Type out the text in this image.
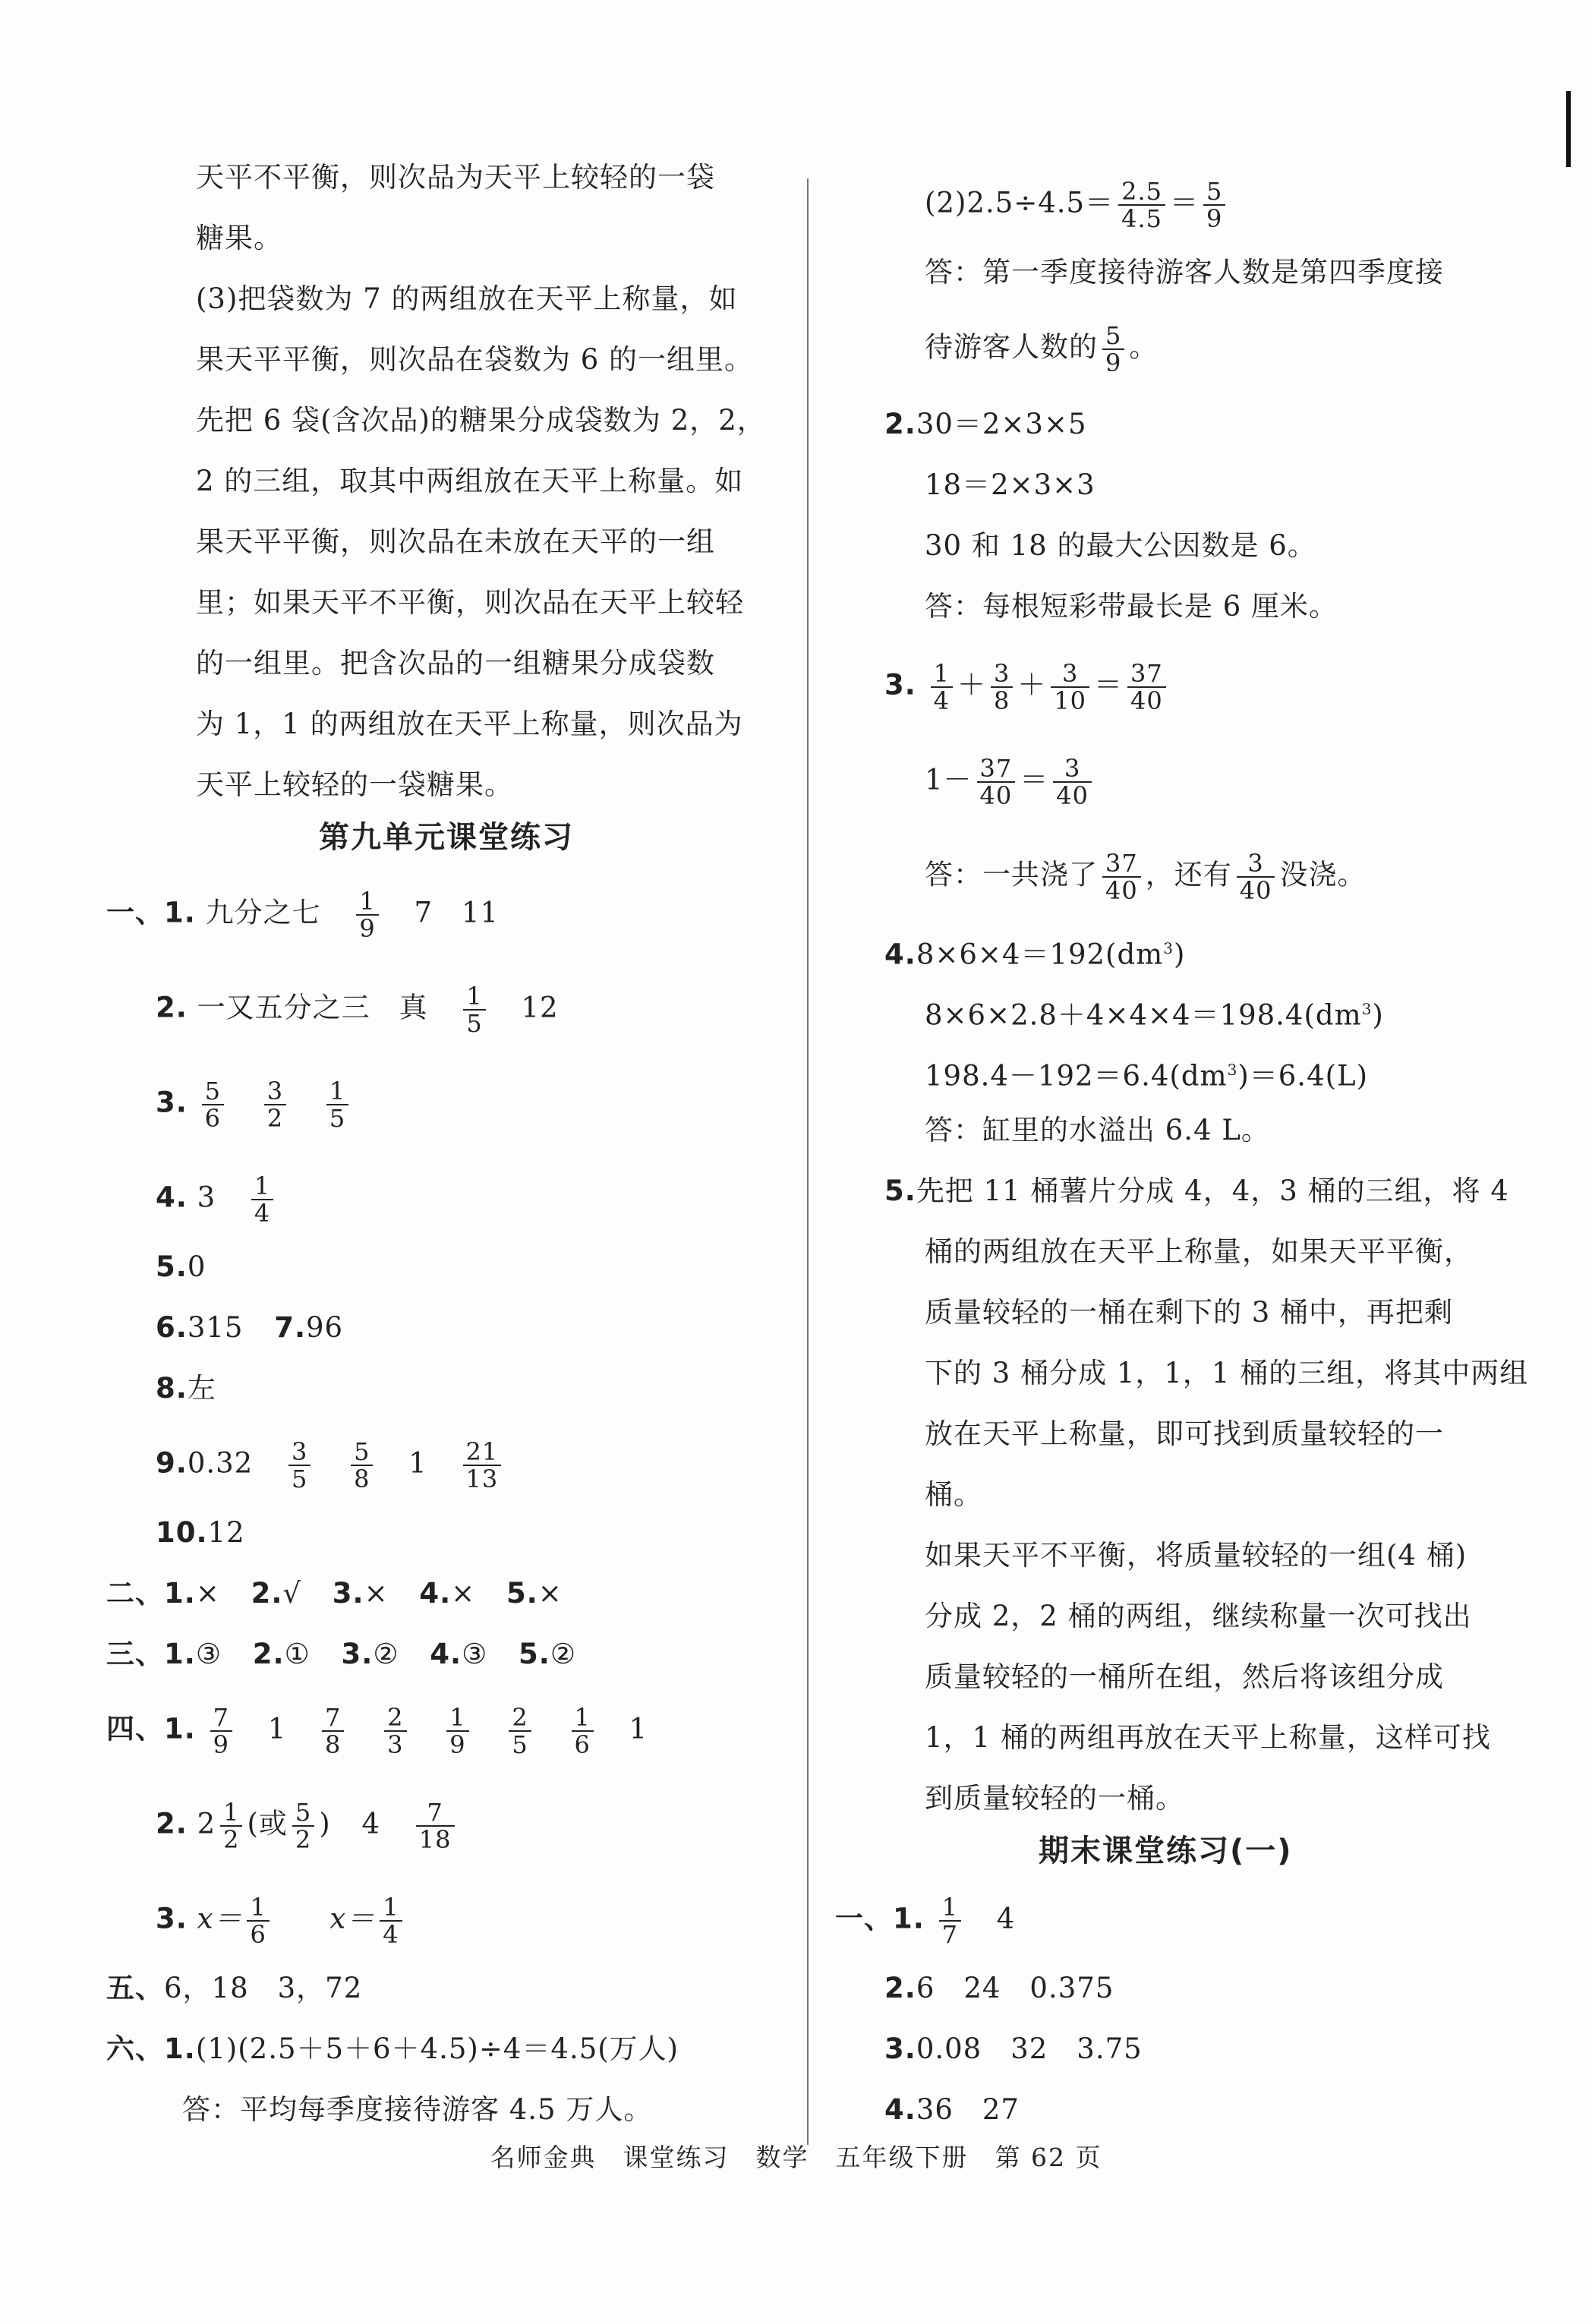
天平不平衡，则次品为天平上较轻的一袋
糖果。
(3)把袋数为 7 的两组放在天平上称量，如
果天平平衡，则次品在袋数为 6 的一组里。
先把 6 袋(含次品)的糖果分成袋数为 2，2，
2 的三组，取其中两组放在天平上称量。如
果天平平衡，则次品在未放在天平的一组
里；如果天平不平衡，则次品在天平上较轻
的一组里。把含次品的一组糖果分成袋数
为 1，1 的两组放在天平上称量，则次品为
天平上较轻的一袋糖果。
第九单元课堂练习
一、1. 九分之七 $\frac{1}{9} 7$　11
2. 一又五分之三　真 $\frac{1}{5} 12$
3. $\frac{5}{6}$
$\frac{3}{2}$
$\frac{1}{5}$
4. $3 \frac{1}{4}$
5.0
6.315 7.96
8.左
$9.0.32 \frac{3}{5}$
$\frac{5}{8} 1 \frac{21}{13}$
10.12
二、1.× 2.√ 3.× 4.× 5.×
三、1.③ 2.① 3.② 4.③ 5.②
四、1. $\frac{7}{9} 1 \frac{7}{8}$
$\frac{2}{3}$
$\frac{1}{9}$
$\frac{2}{5}$
$\frac{1}{6} 1$
2. $2 \frac{1}{2}$ (或 $\frac{5}{2}$ ) $4 \frac{7}{18}$
3. $x= \frac{1}{6} x= \frac{1}{4}$
五、6，18　3，72
六、1.(1)(2.5＋5＋6＋4.5)÷4＝4.5(万人)
答：平均每季度接待游客 4.5 万人。
$(2)2.5\div 4.5= \frac{2.5}{4.5} = \frac{5}{9}$
答：第一季度接待游客人数是第四季度接
待游客人数的 $\frac{5}{9}$ 。
2.30＝2×3×5
18＝2×3×3
30 和 18 的最大公因数是 6。
答：每根短彩带最长是 6 厘米。
3. $\frac{1}{4} + \frac{3}{8} + \frac{3}{10} = \frac{37}{40}$
$1- \frac{37}{40} = \frac{3}{40}$
答：一共浇了 $\frac{37}{40}$ ，还有 $\frac{3}{40}$ 没浇。
$4.8\times 6\times 4=192(dm^3)$
$8\times 6\times 2.8+4\times 4\times 4=198.4(dm^3)$
$198.4-192=6.4(dm^3)=6.4(L)$
答：缸里的水溢出 6.4 L。
5.先把 11 桶薯片分成 4，4，3 桶的三组，将 4
桶的两组放在天平上称量，如果天平平衡，
质量较轻的一桶在剩下的 3 桶中，再把剩
下的 3 桶分成 1，1，1 桶的三组，将其中两组
放在天平上称量，即可找到质量较轻的一
桶。
如果天平不平衡，将质量较轻的一组(4 桶)
分成 2，2 桶的两组，继续称量一次可找出
质量较轻的一桶所在组，然后将该组分成
1，1 桶的两组再放在天平上称量，这样可找
到质量较轻的一桶。
期末课堂练习(一)
一、1. $\frac{1}{7} 4$
2.6　24　0.375
3.0.08　32　3.75
4.36　27
名师金典　课堂练习　数学　五年级下册　第 62 页
